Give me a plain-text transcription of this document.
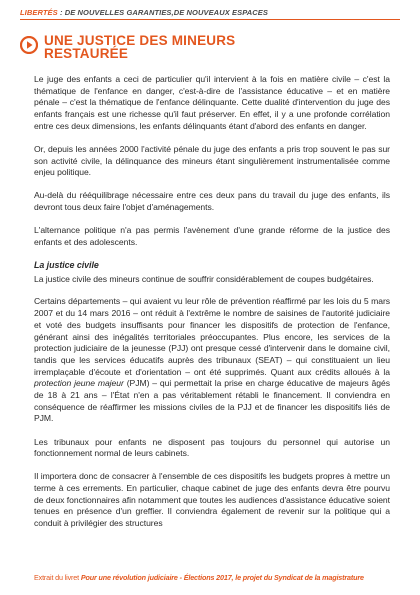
LIBERTÉS : DE NOUVELLES GARANTIES,DE NOUVEAUX ESPACES
UNE JUSTICE DES MINEURS
RESTAURÉE

Le juge des enfants a ceci de particulier qu'il intervient à la fois en matière civile – c'est la thématique de l'enfance en danger, c'est-à-dire de l'assistance éducative – et en matière pénale – c'est la thématique de l'enfance délinquante. Cette dualité d'intervention du juge des enfants français est une richesse qu'il faut préserver. En effet, il y a une profonde corrélation entre ces deux dimensions, les enfants délinquants étant d'abord des enfants en danger.

Or, depuis les années 2000 l'activité pénale du juge des enfants a pris trop souvent le pas sur son activité civile, la délinquance des mineurs étant singulièrement instrumentalisée comme enjeu politique.

Au-delà du rééquilibrage nécessaire entre ces deux pans du travail du juge des enfants, ils devront tous deux faire l'objet d'aménagements.

L'alternance politique n'a pas permis l'avènement d'une grande réforme de la justice des enfants et des adolescents.

La justice civile

La justice civile des mineurs continue de souffrir considérablement de coupes budgétaires.

Certains départements – qui avaient vu leur rôle de prévention réaffirmé par les lois du 5 mars 2007 et du 14 mars 2016 – ont réduit à l'extrême le nombre de saisines de l'autorité judiciaire et voté des budgets insuffisants pour financer les dispositifs de protection de l'enfance, générant ainsi des inégalités territoriales préoccupantes. Plus encore, les services de la protection judiciaire de la jeunesse (PJJ) ont presque cessé d'intervenir dans le domaine civil, tandis que les services éducatifs auprès des tribunaux (SEAT) – qui constituaient un lieu irremplaçable d'écoute et d'orientation – ont été supprimés. Quant aux crédits alloués à la protection jeune majeur (PJM) – qui permettait la prise en charge éducative de majeurs âgés de 18 à 21 ans – l'État n'en a pas véritablement rétabli le financement. Il conviendra en conséquence de réaffirmer les missions civiles de la PJJ et de financer les dispositifs liés de PJM.

Les tribunaux pour enfants ne disposent pas toujours du personnel qui autorise un fonctionnement normal de leurs cabinets.

Il importera donc de consacrer à l'ensemble de ces dispositifs les budgets propres à mettre un terme à ces errements. En particulier, chaque cabinet de juge des enfants devra être pourvu de deux fonctionnaires afin notamment que toutes les audiences d'assistance éducative soient tenues en présence d'un greffier. Il conviendra également de revenir sur la politique qui a conduit à privilégier des structures

Extrait du livret Pour une révolution judiciaire - Élections 2017, le projet du Syndicat de la magistrature
